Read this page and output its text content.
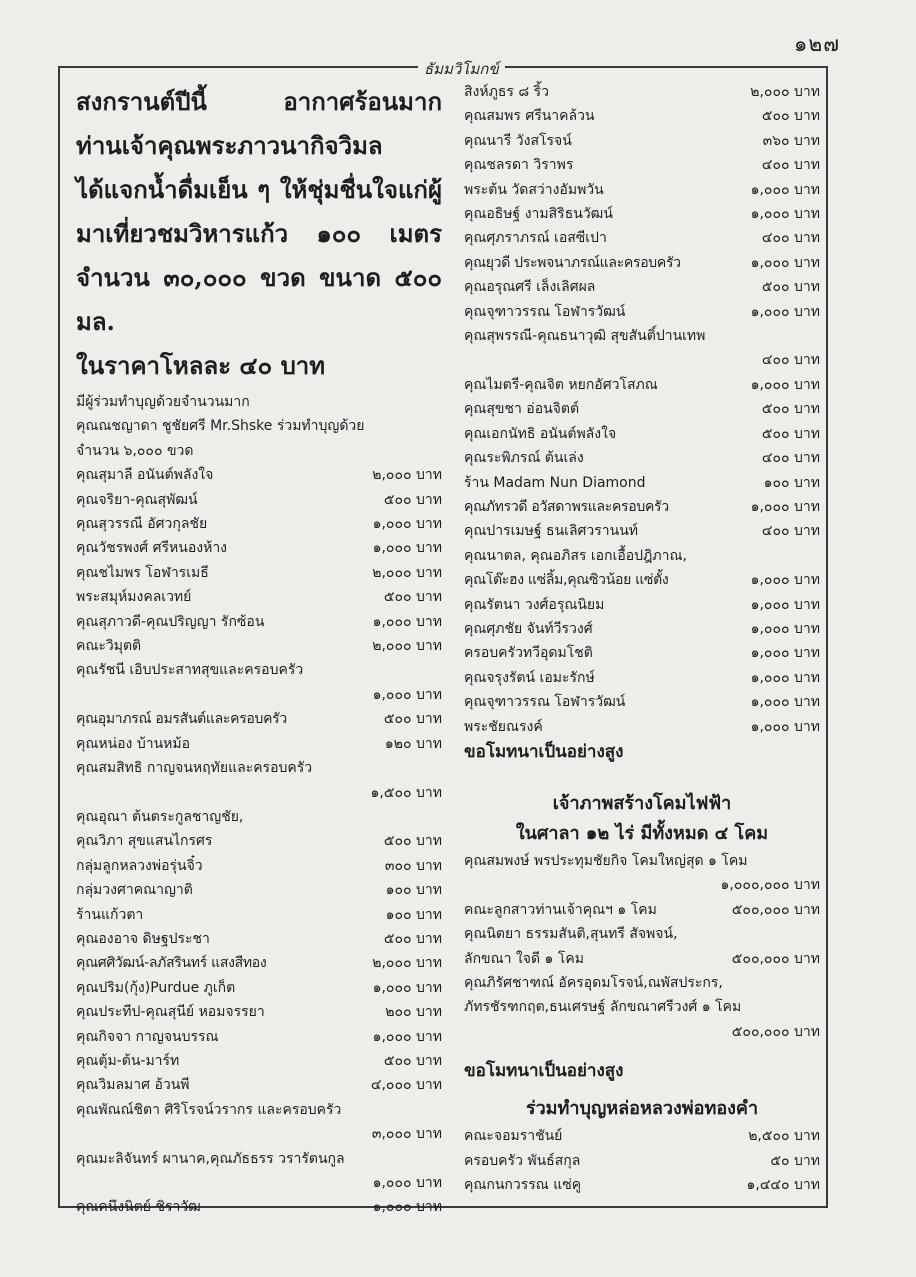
๑๒๗
ธัมมวิโมกข์

สงกรานต์ปีนี้ อากาศร้อนมาก

ท่านเจ้าคุณพระภาวนากิจวิมล

ได้แจกน้ำดื่มเย็น ๆ ให้ชุ่มชื่นใจแก่ผู้

มาเที่ยวชมวิหารแก้ว ๑๐๐ เมตร

จำนวน ๓๐,๐๐๐ ขวด ขนาด ๕๐๐ มล.

ในราคาโหลละ ๔๐ บาท

มีผู้ร่วมทำบุญด้วยจำนวนมาก

คุณณชญาดา ชูชัยศรี Mr.Shske ร่วมทำบุญด้วย

จำนวน ๖,๐๐๐ ขวด

คุณสุมาลี อนันต์พลังใจ	๒,๐๐๐ บาท
คุณจริยา-คุณสุพัฒน์	๕๐๐ บาท
คุณสุวรรณี อัศวกุลชัย	๑,๐๐๐ บาท
คุณวัชรพงศ์ ศรีหนองห้าง	๑,๐๐๐ บาท
คุณชไมพร โอฬารเมธี	๒,๐๐๐ บาท
พระสมุห์มงคลเวทย์	๕๐๐ บาท
คุณสุภาวดี-คุณปริญญา รักซ้อน	๑,๐๐๐ บาท
คณะวิมุตติ	๒,๐๐๐ บาท
คุณรัชนี เอิบประสาทสุขและครอบครัว
๑,๐๐๐ บาท
คุณอุมาภรณ์ อมรสันต์และครอบครัว	๕๐๐ บาท
คุณหน่อง บ้านหม้อ	๑๒๐ บาท
คุณสมสิทธิ กาญจนหฤทัยและครอบครัว
๑,๕๐๐ บาท
คุณอุณา ต้นตระกูลชาญชัย,
คุณวิภา สุขแสนไกรศร	๕๐๐ บาท
กลุ่มลูกหลวงพ่อรุ่นจิ๋ว	๓๐๐ บาท
กลุ่มวงศาคณาญาติ	๑๐๐ บาท
ร้านแก้วตา	๑๐๐ บาท
คุณองอาจ ดิษฐประชา	๕๐๐ บาท
คุณศศิวัฒน์-ลภัสรินทร์ แสงสีทอง	๒,๐๐๐ บาท
คุณปริม(กุ้ง)Purdue ภูเก็ต	๑,๐๐๐ บาท
คุณประทีป-คุณสุนีย์ หอมจรรยา	๒๐๐ บาท
คุณกิจจา กาญจนบรรณ	๑,๐๐๐ บาท
คุณตุ้ม-ต้น-มาร์ท	๕๐๐ บาท
คุณวิมลมาศ อ้วนพี	๔,๐๐๐ บาท
คุณพัณณ์ชิตา ศิริโรจน์วรากร และครอบครัว
๓,๐๐๐ บาท
คุณมะลิจันทร์ ผานาค,คุณภัธธรร วรารัตนกูล
๑,๐๐๐ บาท
คุณคนึงนิตย์ ชิราวัฒ	๑,๐๐๐ บาท
สิงห์ภูธร ๘ ริ้ว	๒,๐๐๐ บาท
คุณสมพร ศรีนาคล้วน	๕๐๐ บาท
คุณนารี วังสโรจน์	๓๖๐ บาท
คุณชลรดา วิราพร	๔๐๐ บาท
พระต้น วัดสว่างอัมพวัน	๑,๐๐๐ บาท
คุณอธิษฐ์ งามสิริธนวัฒน์	๑,๐๐๐ บาท
คุณศุภราภรณ์ เอสซีเปา	๔๐๐ บาท
คุณยุวดี ประพจนาภรณ์และครอบครัว	๑,๐๐๐ บาท
คุณอรุณศรี เล็งเลิศผล	๕๐๐ บาท
คุณจุฑาวรรณ โอฬารวัฒน์	๑,๐๐๐ บาท
คุณสุพรรณี-คุณธนาวุฒิ สุขสันติ์ปานเทพ
๔๐๐ บาท
คุณไมตรี-คุณจิต หยกอัศวโสภณ	๑,๐๐๐ บาท
คุณสุขชา อ่อนจิตต์	๕๐๐ บาท
คุณเอกนัทธิ อนันต์พลังใจ	๕๐๐ บาท
คุณระพิภรณ์ ต้นเล่ง	๔๐๐ บาท
ร้าน Madam Nun Diamond	๑๐๐ บาท
คุณภัทรวดี อวัสดาพรและครอบครัว	๑,๐๐๐ บาท
คุณปารเมษฐ์ ธนเลิศวรานนท์	๔๐๐ บาท
คุณนาตล, คุณอภิสร เอกเอื้อปฎิภาณ,
คุณโต๊ะฮง แซ่ลิ้ม,คุณซิวน้อย แซ่ตั้ง	๑,๐๐๐ บาท
คุณรัตนา วงศ์อรุณนิยม	๑,๐๐๐ บาท
คุณศุภชัย จันท์วีรวงศ์	๑,๐๐๐ บาท
ครอบครัวทวีอุดมโชติ	๑,๐๐๐ บาท
คุณจรุงรัตน์ เอมะรักษ์	๑,๐๐๐ บาท
คุณจุฑาวรรณ โอฬารวัฒน์	๑,๐๐๐ บาท
พระชัยณรงค์	๑,๐๐๐ บาท
ขอโมทนาเป็นอย่างสูง
เจ้าภาพสร้างโคมไฟฟ้า
ในศาลา ๑๒ ไร่ มีทั้งหมด ๔ โคม
คุณสมพงษ์ พรประทุมชัยกิจ โคมใหญ่สุด ๑ โคม
๑,๐๐๐,๐๐๐ บาท
คณะลูกสาวท่านเจ้าคุณฯ ๑ โคม	๕๐๐,๐๐๐ บาท
คุณนิตยา ธรรมสันติ,สุนทรี สัจพจน์,
ลักขณา ใจดี ๑ โคม	๕๐๐,๐๐๐ บาท
คุณภิรัศชาฑณ์ อัครอุดมโรจน์,ณพัสประกร,
ภัทรชัรฑกฤต,ธนเศรษฐ์ ลักขณาศรีวงศ์ ๑ โคม
๕๐๐,๐๐๐ บาท
ขอโมทนาเป็นอย่างสูง
ร่วมทำบุญหล่อหลวงพ่อทองคำ
คณะจอมราชันย์	๒,๕๐๐ บาท
ครอบครัว พันธ์สกุล	๕๐ บาท
คุณกนกวรรณ แซ่คู	๑,๔๔๐ บาท
